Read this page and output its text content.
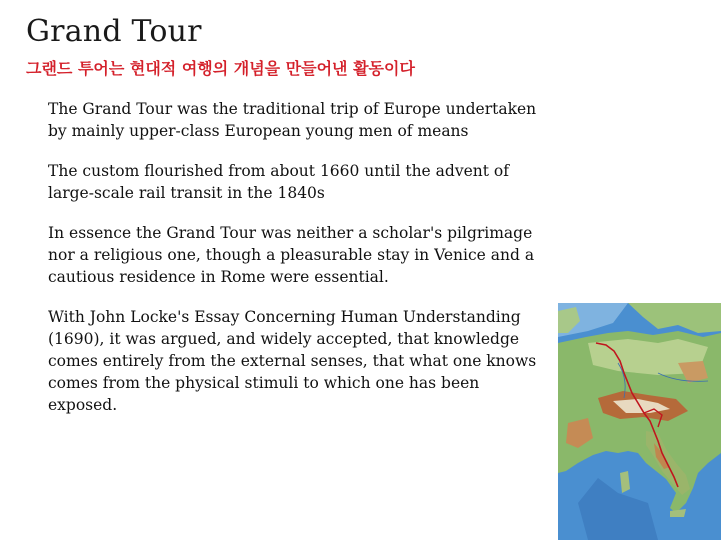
Grand Tour
그랜드 투어는 현대적 여행의 개념을 만들어낸 활동이다

The Grand Tour was the traditional trip of Europe undertaken by mainly upper-class European young men of means

The custom flourished from about 1660 until the advent of large-scale rail transit in the 1840s

In essence the Grand Tour was neither a scholar's pilgrimage nor a religious one, though a pleasurable stay in Venice and a cautious residence in Rome were essential.

With John Locke's Essay Concerning Human Understanding (1690), it was argued, and widely accepted, that knowledge comes entirely from the external senses, that what one knows comes from the physical stimuli to which one has been exposed.
